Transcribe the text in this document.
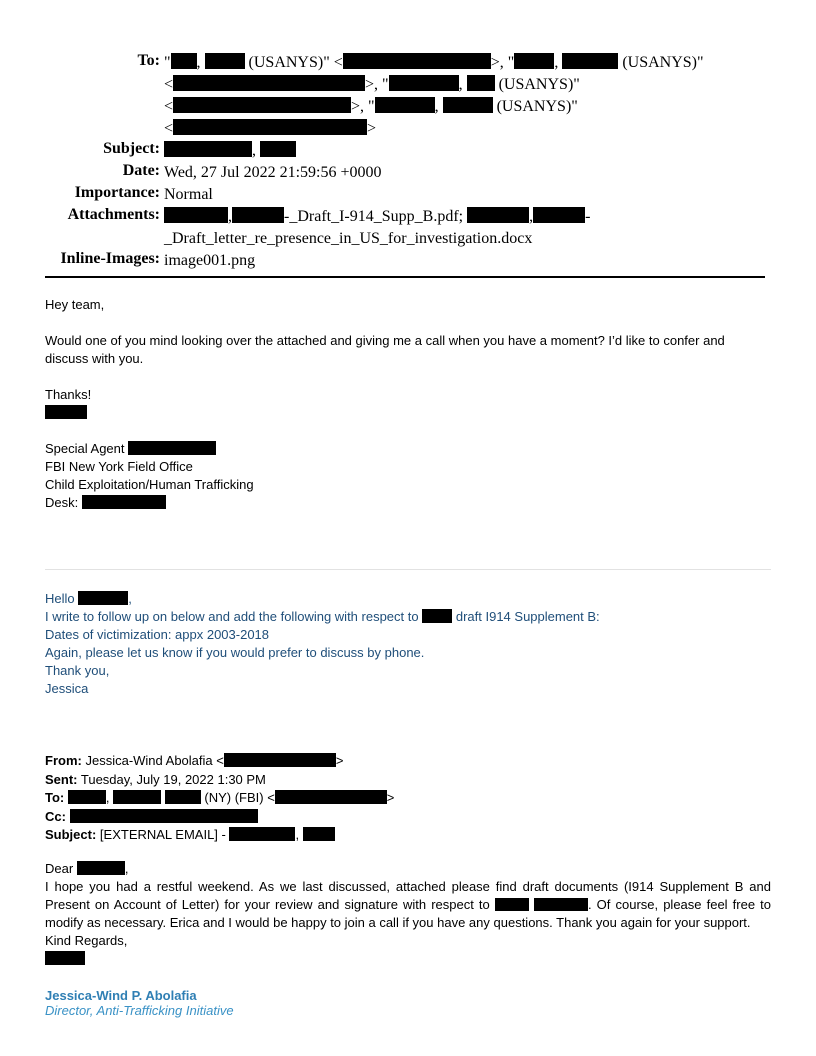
To: " ,	(USANYS)" <	>, "	,	(USANYS)"
<	>, "	, (USANYS)"
<	>, "	,	(USANYS)"
<	>
Subject:	,
Date: Wed, 27 Jul 2022 21:59:56 +0000
Importance: Normal
Attachments:	,	-_Draft_I-914_Supp_B.pdf;	,	-
_Draft_letter_re_presence_in_US_for_investigation.docx
Inline-Images: image001.png

Hey team,

Would one of you mind looking over the attached and giving me a call when you have a moment? I’d like to confer and

discuss with you.

Thanks!

Special Agent

FBI New York Field Office

Child Exploitation/Human Trafficking

Desk:

Hello	,

I write to follow up on below and add the following with respect to	draft I914 Supplement B:

Dates of victimization: appx 2003-2018

Again, please let us know if you would prefer to discuss by phone.

Thank you,

Jessica

From: Jessica-Wind Abolafia <	>

Sent: Tuesday, July 19, 2022 1:30 PM

To:	,	(NY) (FBI) <	>

Cc:

Subject: [EXTERNAL EMAIL] -	,

Dear	,

I hope you had a restful weekend. As we last discussed, attached please find draft documents (I914 Supplement B and Present on Account of Letter) for your review and signature with respect to	. Of course, please feel free to modify as necessary. Erica and I would be happy to join a call if you have any questions. Thank you again for your support.

Kind Regards,

Jessica-Wind P. Abolafia
Director, Anti-Trafficking Initiative
